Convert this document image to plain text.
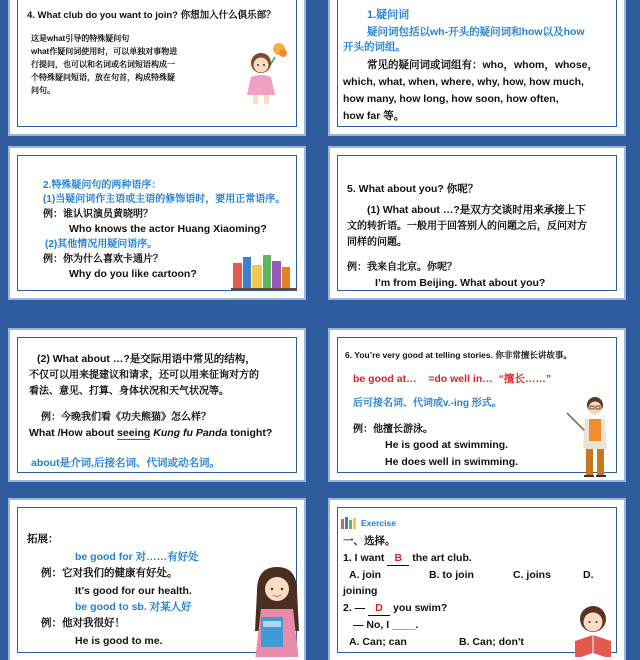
4. What club do you want to join? 你想加入什么俱乐部？
这是what引导的特殊疑问句
what作疑问词使用时，可以单独对事物进
行提问，也可以和名词或名词短语构成一
个特殊疑问短语，放在句首，构成特殊疑
问句。
1.疑问词
疑问词包括以wh-开头的疑问词和how以及how
开头的词组。
常见的疑问词或词组有：who，whom，whose，
which, what, when, where, why, how, how much,
how many, how long, how soon, how often,
how far 等。
2.特殊疑问句的两种语序：
(1)当疑问词作主语或主语的修饰语时，要用正常语序。
例：谁认识演员黄晓明？
Who knows the actor Huang Xiaoming?
(2)其他情况用疑问语序。
例：你为什么喜欢卡通片？
Why do you like cartoon?
5. What about you? 你呢？
(1) What about …?是双方交谈时用来承接上下
文的转折语。一般用于回答别人的问题之后，反问对方
同样的问题。
例：我来自北京。你呢？
I’m from Beijing. What about you?
(2) What about …?是交际用语中常见的结构，
不仅可以用来提建议和请求，还可以用来征询对方的
看法、意见、打算、身体状况和天气状况等。
例：今晚我们看《功夫熊猫》怎么样？
What /How about seeing Kung fu Panda tonight?
about是介词,后接名词、代词或动名词。
6. You’re very good at telling stories. 你非常擅长讲故事。
be good at… =do well in… “擅长……”
后可接名词、代词或v.-ing 形式。
例：他擅长游泳。
He is good at swimming.
He does well in swimming.
拓展：
be good for 对……有好处
例：它对我们的健康有好处。
It’s good for our health.
be good to sb. 对某人好
例：他对我很好！
He is good to me.
Exercise
一、选择。
1. I want B the art club.
A. join	B. to join	C. joins	D.
joining
2. — D you swim?
— No, I ____.
A. Can; can	B. Can; don't
